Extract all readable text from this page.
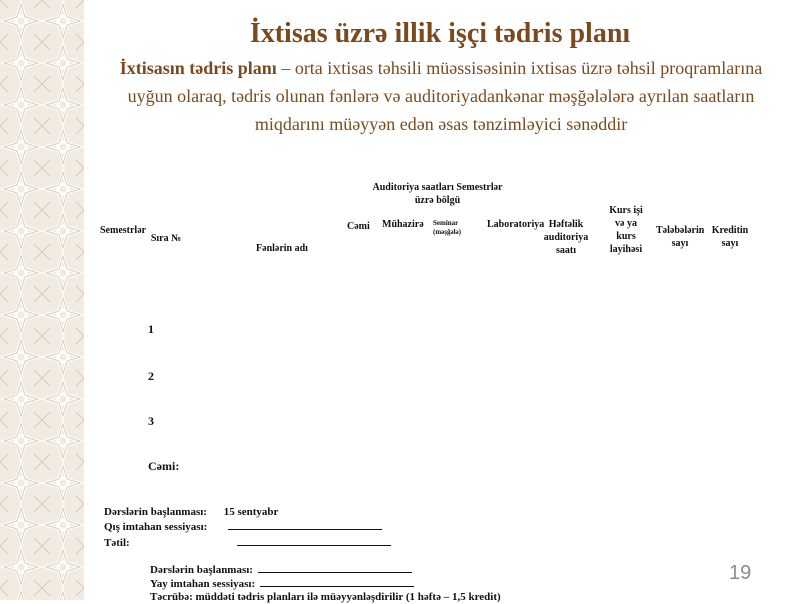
İxtisas üzrə illik işçi tədris planı
İxtisasın tədris planı – orta ixtisas təhsili müəssisəsinin ixtisas üzrə təhsil proqramlarına uyğun olaraq, tədris olunan fənlərə və auditoriyadankənar məşğələlərə ayrılan saatların miqdarını müəyyən edən əsas tənzimləyici sənəddir
Auditoriya saatları Semestrlər üzrə bölgü
Semestrlər
Sıra №
Fənlərin adı
Cəmi Mühazirə Seminar (məşğələ)
Laboratoriya Həftəlik auditoriya saatı
Kurs işi və ya kurs layihəsi
Tələbələrin sayı
Kreditin sayı
1
2
3
Cəmi:
Dərslərin başlanması: 15 sentyabr
Qış imtahan sessiyası:
Tətil:
Dərslərin başlanması:
Yay imtahan sessiyası:
Təcrübə: müddəti tədris planları ilə müəyyənləşdirilir (1 həftə – 1,5 kredit)
19
